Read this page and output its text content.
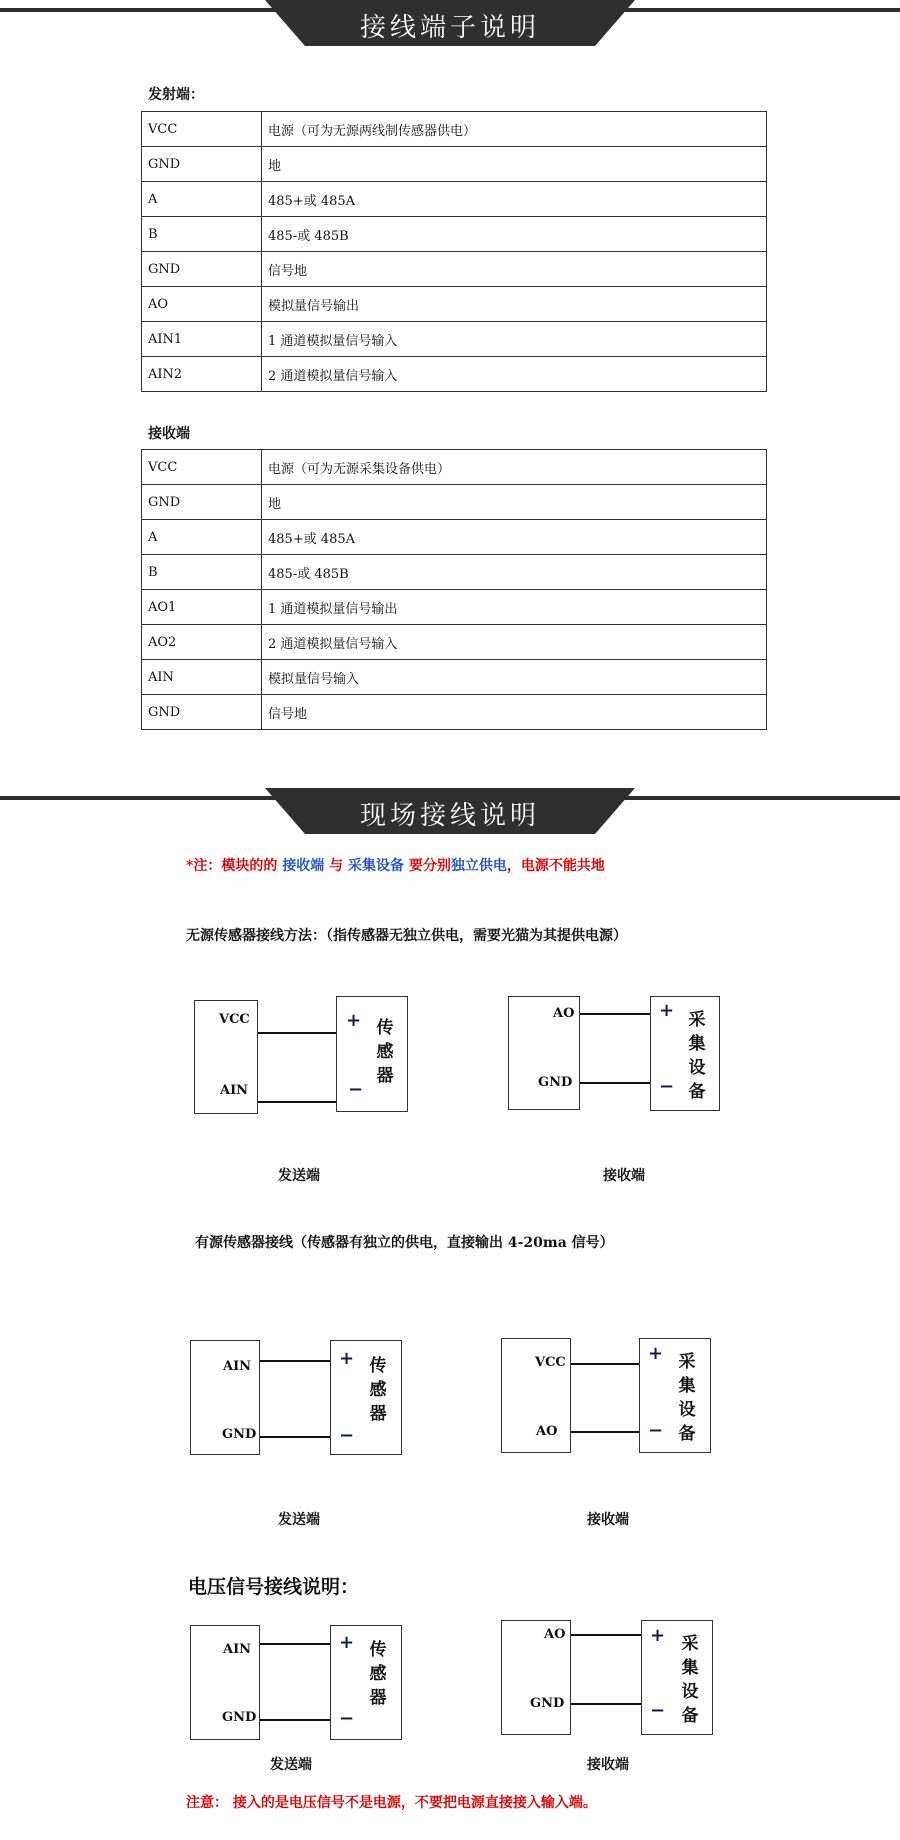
接线端子说明
发射端：
VCC	电源（可为无源两线制传感器供电）
GND	地
A	485+或 485A
B	485-或 485B
GND	信号地
AO	模拟量信号输出
AIN1	1 通道模拟量信号输入
AIN2	2 通道模拟量信号输入
接收端
VCC	电源（可为无源采集设备供电）
GND	地
A	485+或 485A
B	485-或 485B
AO1	1 通道模拟量信号输出
AO2	2 通道模拟量信号输入
AIN	模拟量信号输入
GND	信号地
现场接线说明
*注：模块的的 接收端 与 采集设备 要分别独立供电，电源不能共地
无源传感器接线方法：（指传感器无独立供电，需要光猫为其提供电源）
VCC
AIN
+
−
传感器
发送端
AO
GND
+
−
采集设备
接收端
有源传感器接线（传感器有独立的供电，直接输出 4-20ma 信号）
AIN
GND
+
−
传感器
发送端
VCC
AO
+
−
采集设备
接收端
电压信号接线说明：
AIN
GND
+
−
传感器
发送端
AO
GND
+
−
采集设备
接收端
注意： 接入的是电压信号不是电源，不要把电源直接接入输入端。
